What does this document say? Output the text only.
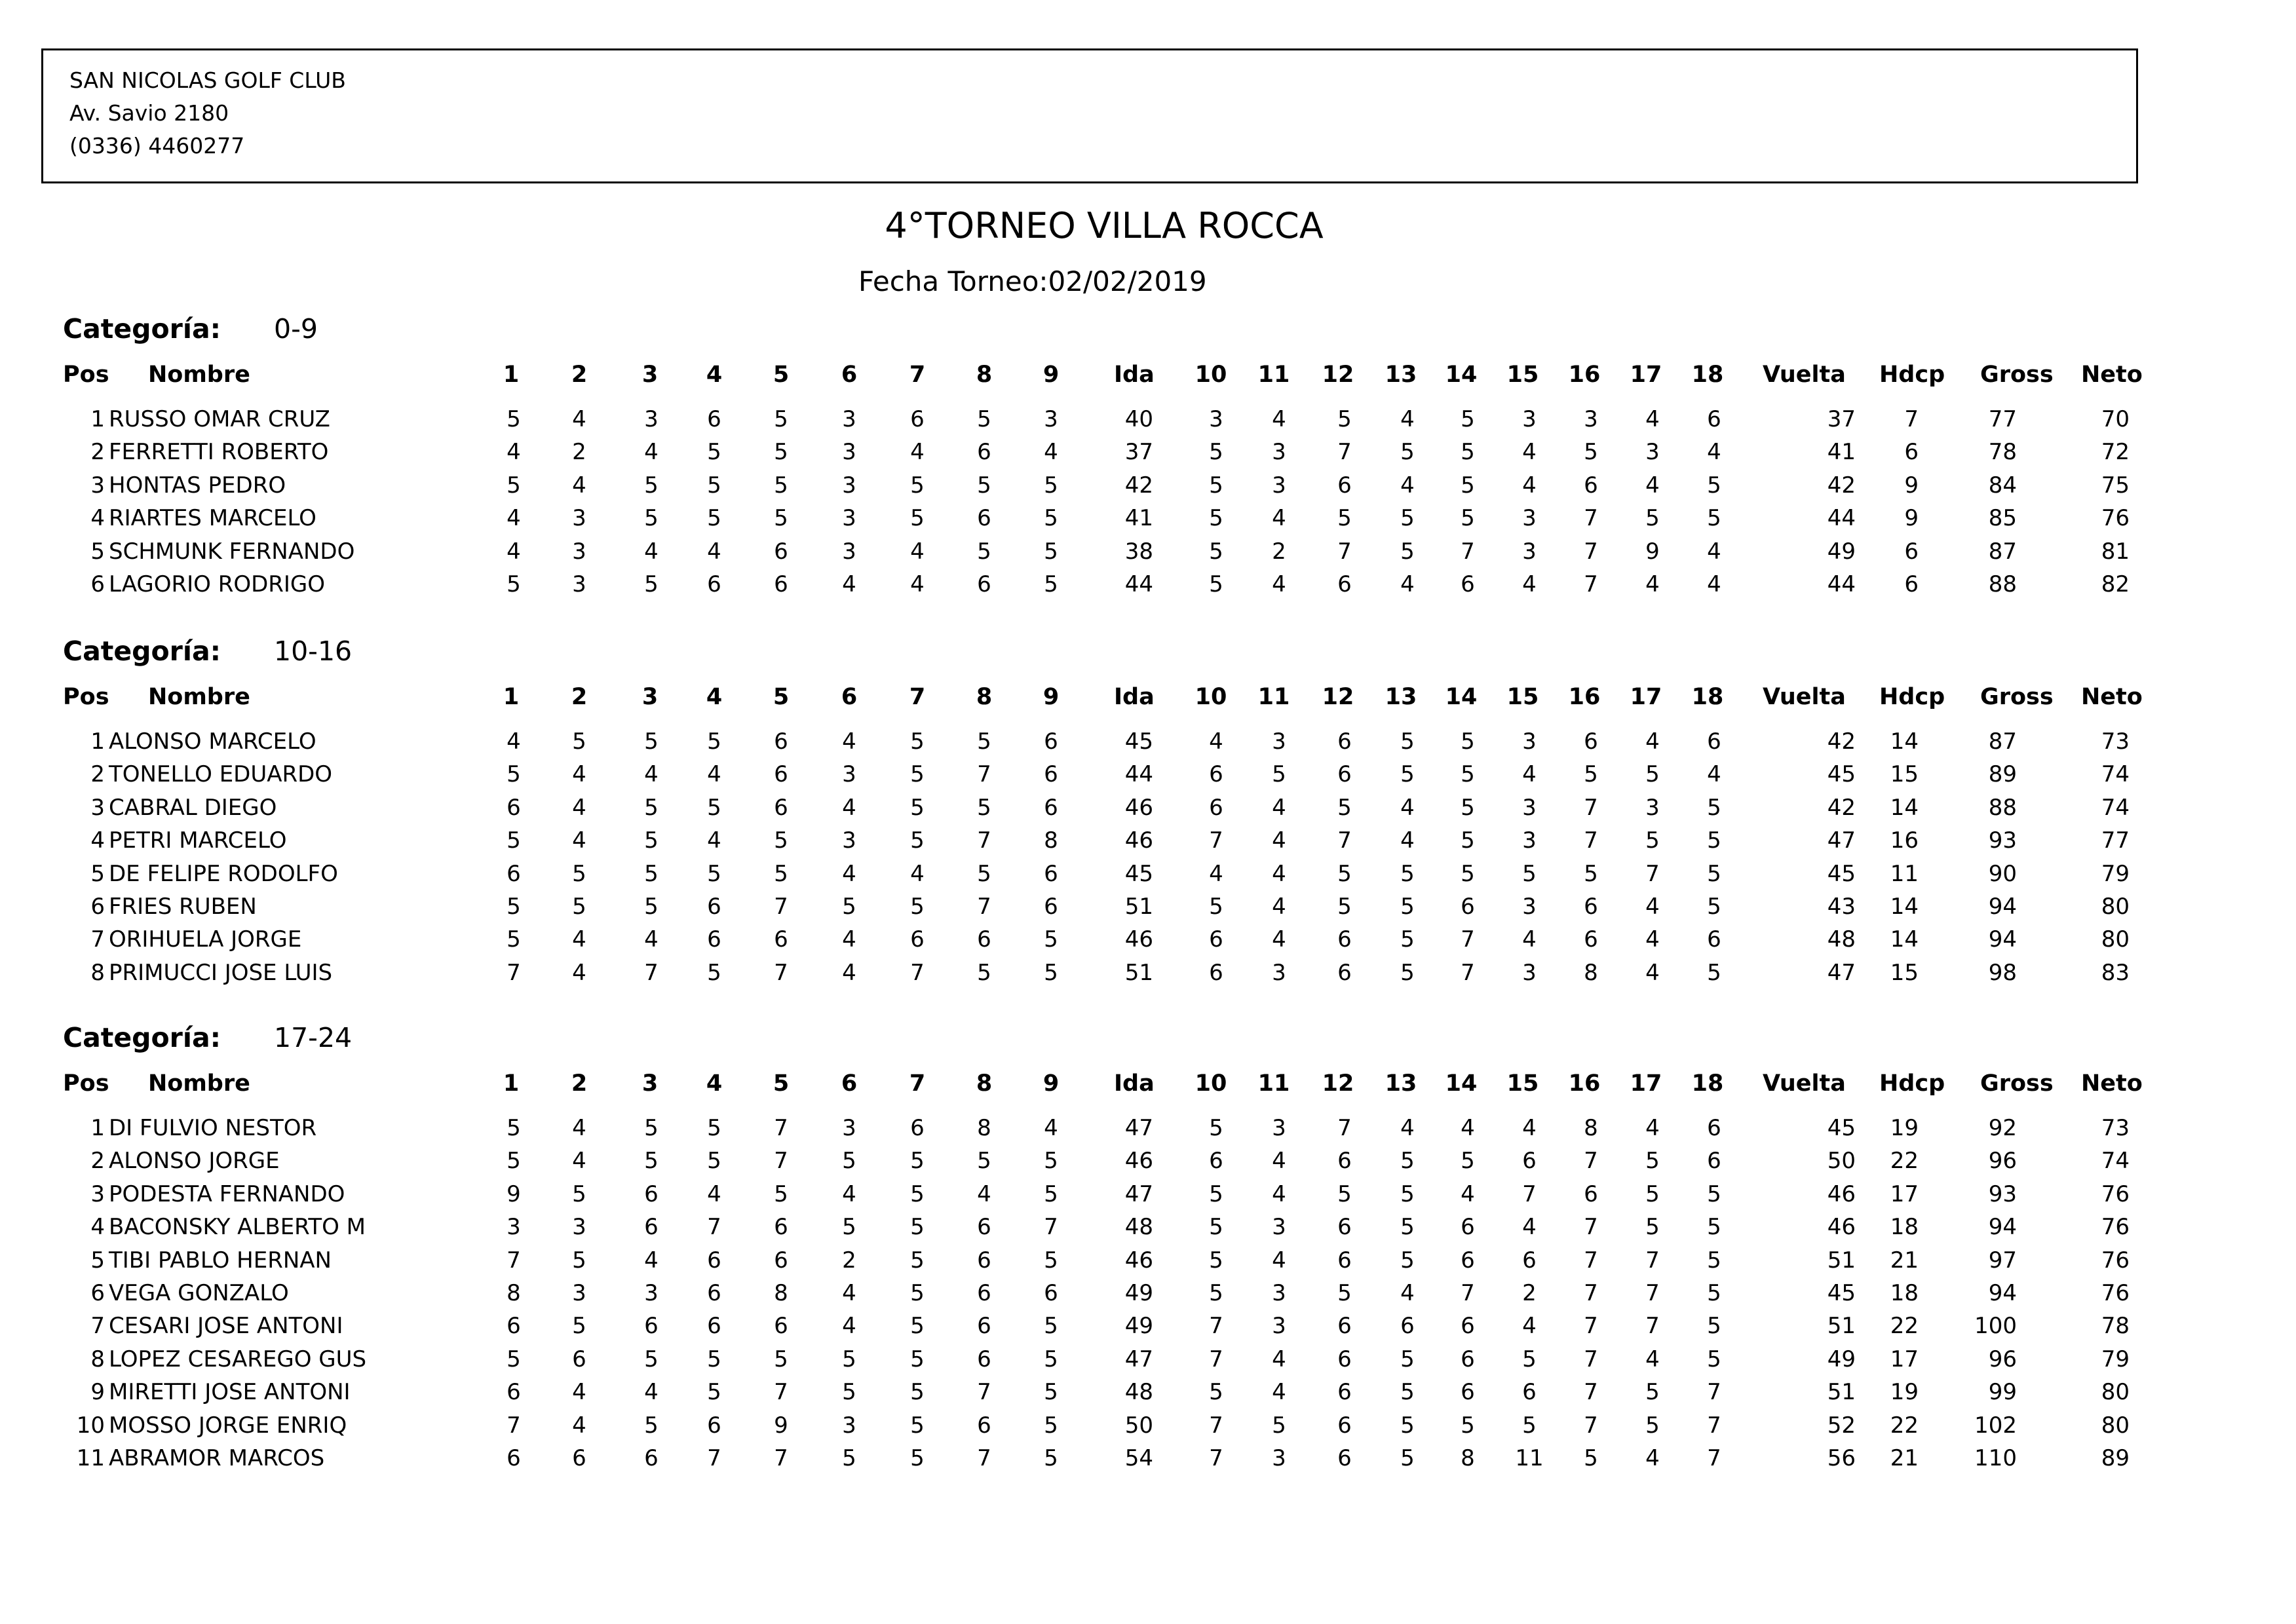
SAN NICOLAS GOLF CLUB
Av. Savio 2180
(0336) 4460277
4°TORNEO VILLA ROCCA
Fecha Torneo:02/02/2019
Categoría: 0-9
Pos Nombre	1 2 3 4 5 6 7 8 9 Ida 10 11 12 13 14 15 16 17 18 Vuelta Hdcp Gross Neto
1 RUSSO OMAR CRUZ	5 4	3 6 5 3 6 5 3	40	3 4 5 4 5 3 3 4 6	37 7	77	70
2 FERRETTI ROBERTO	4 2	4 5 5 3 4 6 4	37	5 3 7 5 5 4 5 3 4	41 6	78	72
3 HONTAS PEDRO	5 4	5 5 5 3 5 5 5	42	5 3 6 4 5 4 6 4 5	42 9	84	75
4 RIARTES MARCELO	4 3	5 5 5 3 5 6 5	41	5 4 5 5 5 3 7 5 5	44 9	85	76
5 SCHMUNK FERNANDO	4 3	4 4 6 3 4 5 5	38	5 2 7 5 7 3 7 9 4	49 6	87	81
6 LAGORIO RODRIGO	5 3	5 6 6 4 4 6 5	44	5 4 6 4 6 4 7 4 4	44 6	88	82
Categoría: 10-16
Pos Nombre	1 2 3 4 5 6 7 8 9 Ida 10 11 12 13 14 15 16 17 18 Vuelta Hdcp Gross Neto
1 ALONSO MARCELO	4 5	5 5 6 4 5 5 6	45	4 3 6 5 5 3 6 4 6	42 14	87	73
2 TONELLO EDUARDO	5 4	4 4 6 3 5 7 6	44	6 5 6 5 5 4 5 5 4	45 15	89	74
3 CABRAL DIEGO	6 4	5 5 6 4 5 5 6	46	6 4 5 4 5 3 7 3 5	42 14	88	74
4 PETRI MARCELO	5 4	5 4 5 3 5 7 8	46	7 4 7 4 5 3 7 5 5	47 16	93	77
5 DE FELIPE RODOLFO	6 5	5 5 5 4 4 5 6	45	4 4 5 5 5 5 5 7 5	45 11	90	79
6 FRIES RUBEN	5 5	5 6 7 5 5 7 6	51	5 4 5 5 6 3 6 4 5	43 14	94	80
7 ORIHUELA JORGE	5 4	4 6 6 4 6 6 5	46	6 4 6 5 7 4 6 4 6	48 14	94	80
8 PRIMUCCI JOSE LUIS	7 4	7 5 7 4 7 5 5	51	6 3 6 5 7 3 8 4 5	47 15	98	83
Categoría: 17-24
Pos Nombre	1 2 3 4 5 6 7 8 9 Ida 10 11 12 13 14 15 16 17 18 Vuelta Hdcp Gross Neto
1 DI FULVIO NESTOR	5 4	5 5 7 3 6 8 4	47	5 3 7 4 4 4 8 4 6	45 19	92	73
2 ALONSO JORGE	5 4	5 5 7 5 5 5 5	46	6 4 6 5 5 6 7 5 6	50 22	96	74
3 PODESTA FERNANDO	9 5	6 4 5 4 5 4 5	47	5 4 5 5 4 7 6 5 5	46 17	93	76
4 BACONSKY ALBERTO M	3 3	6 7 6 5 5 6 7	48	5 3 6 5 6 4 7 5 5	46 18	94	76
5 TIBI PABLO HERNAN	7 5	4 6 6 2 5 6 5	46	5 4 6 5 6 6 7 7 5	51 21	97	76
6 VEGA GONZALO	8 3	3 6 8 4 5 6 6	49	5 3 5 4 7 2 7 7 5	45 18	94	76
7 CESARI JOSE ANTONI	6 5	6 6 6 4 5 6 5	49	7 3 6 6 6 4 7 7 5	51 22	100	78
8 LOPEZ CESAREGO GUS	5 6	5 5 5 5 5 6 5	47	7 4 6 5 6 5 7 4 5	49 17	96	79
9 MIRETTI JOSE ANTONI	6 4	4 5 7 5 5 7 5	48	5 4 6 5 6 6 7 5 7	51 19	99	80
10 MOSSO JORGE ENRIQ	7 4	5 6 9 3 5 6 5	50	7 5 6 5 5 5 7 5 7	52 22	102	80
11 ABRAMOR MARCOS	6 6	6 7 7 5 5 7 5	54	7 3 6 5 8 11 5 4 7	56 21	110	89
